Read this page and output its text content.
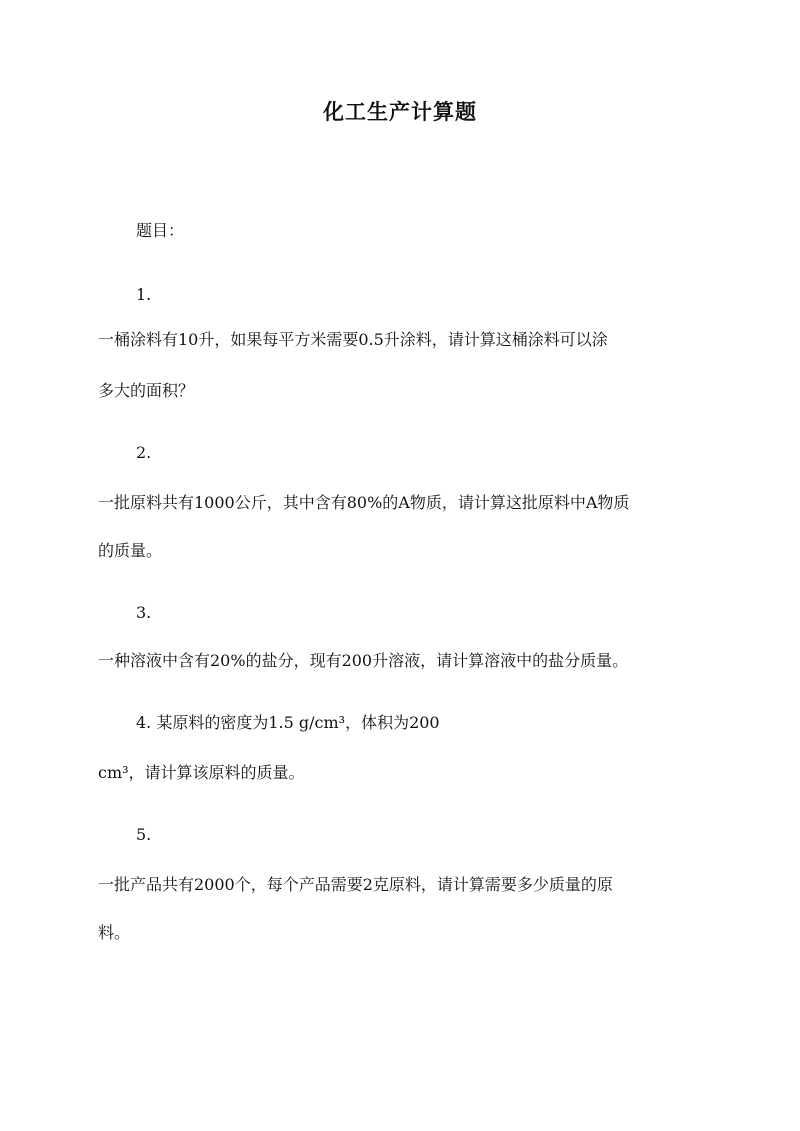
化工生产计算题
题目：
1.
一桶涂料有10升，如果每平方米需要0.5升涂料，请计算这桶涂料可以涂
多大的面积？
2.
一批原料共有1000公斤，其中含有80%的A物质，请计算这批原料中A物质
的质量。
3.
一种溶液中含有20%的盐分，现有200升溶液，请计算溶液中的盐分质量。
4. 某原料的密度为1.5 g/cm³，体积为200
cm³，请计算该原料的质量。
5.
一批产品共有2000个，每个产品需要2克原料，请计算需要多少质量的原
料。
